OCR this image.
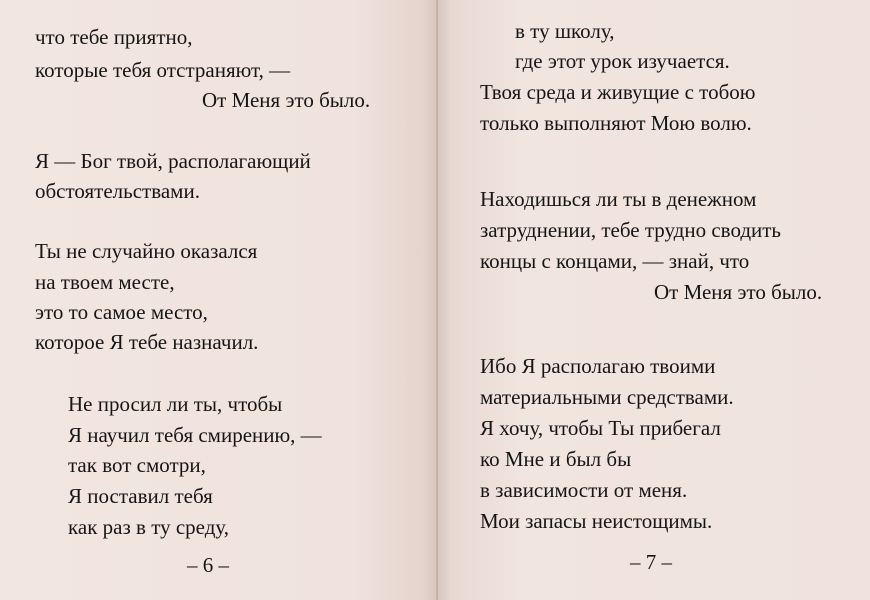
что тебе приятно,
которые тебя отстраняют, —
От Меня это было.
Я — Бог твой, располагающий
обстоятельствами.
Ты не случайно оказался
на твоем месте,
это то самое место,
которое Я тебе назначил.
Не просил ли ты, чтобы
Я научил тебя смирению, —
так вот смотри,
Я поставил тебя
как раз в ту среду,
– 6 –
в ту школу,
где этот урок изучается.
Твоя среда и живущие с тобою
только выполняют Мою волю.
Находишься ли ты в денежном
затруднении, тебе трудно сводить
концы с концами, — знай, что
От Меня это было.
Ибо Я располагаю твоими
материальными средствами.
Я хочу, чтобы Ты прибегал
ко Мне и был бы
в зависимости от меня.
Мои запасы неистощимы.
– 7 –
